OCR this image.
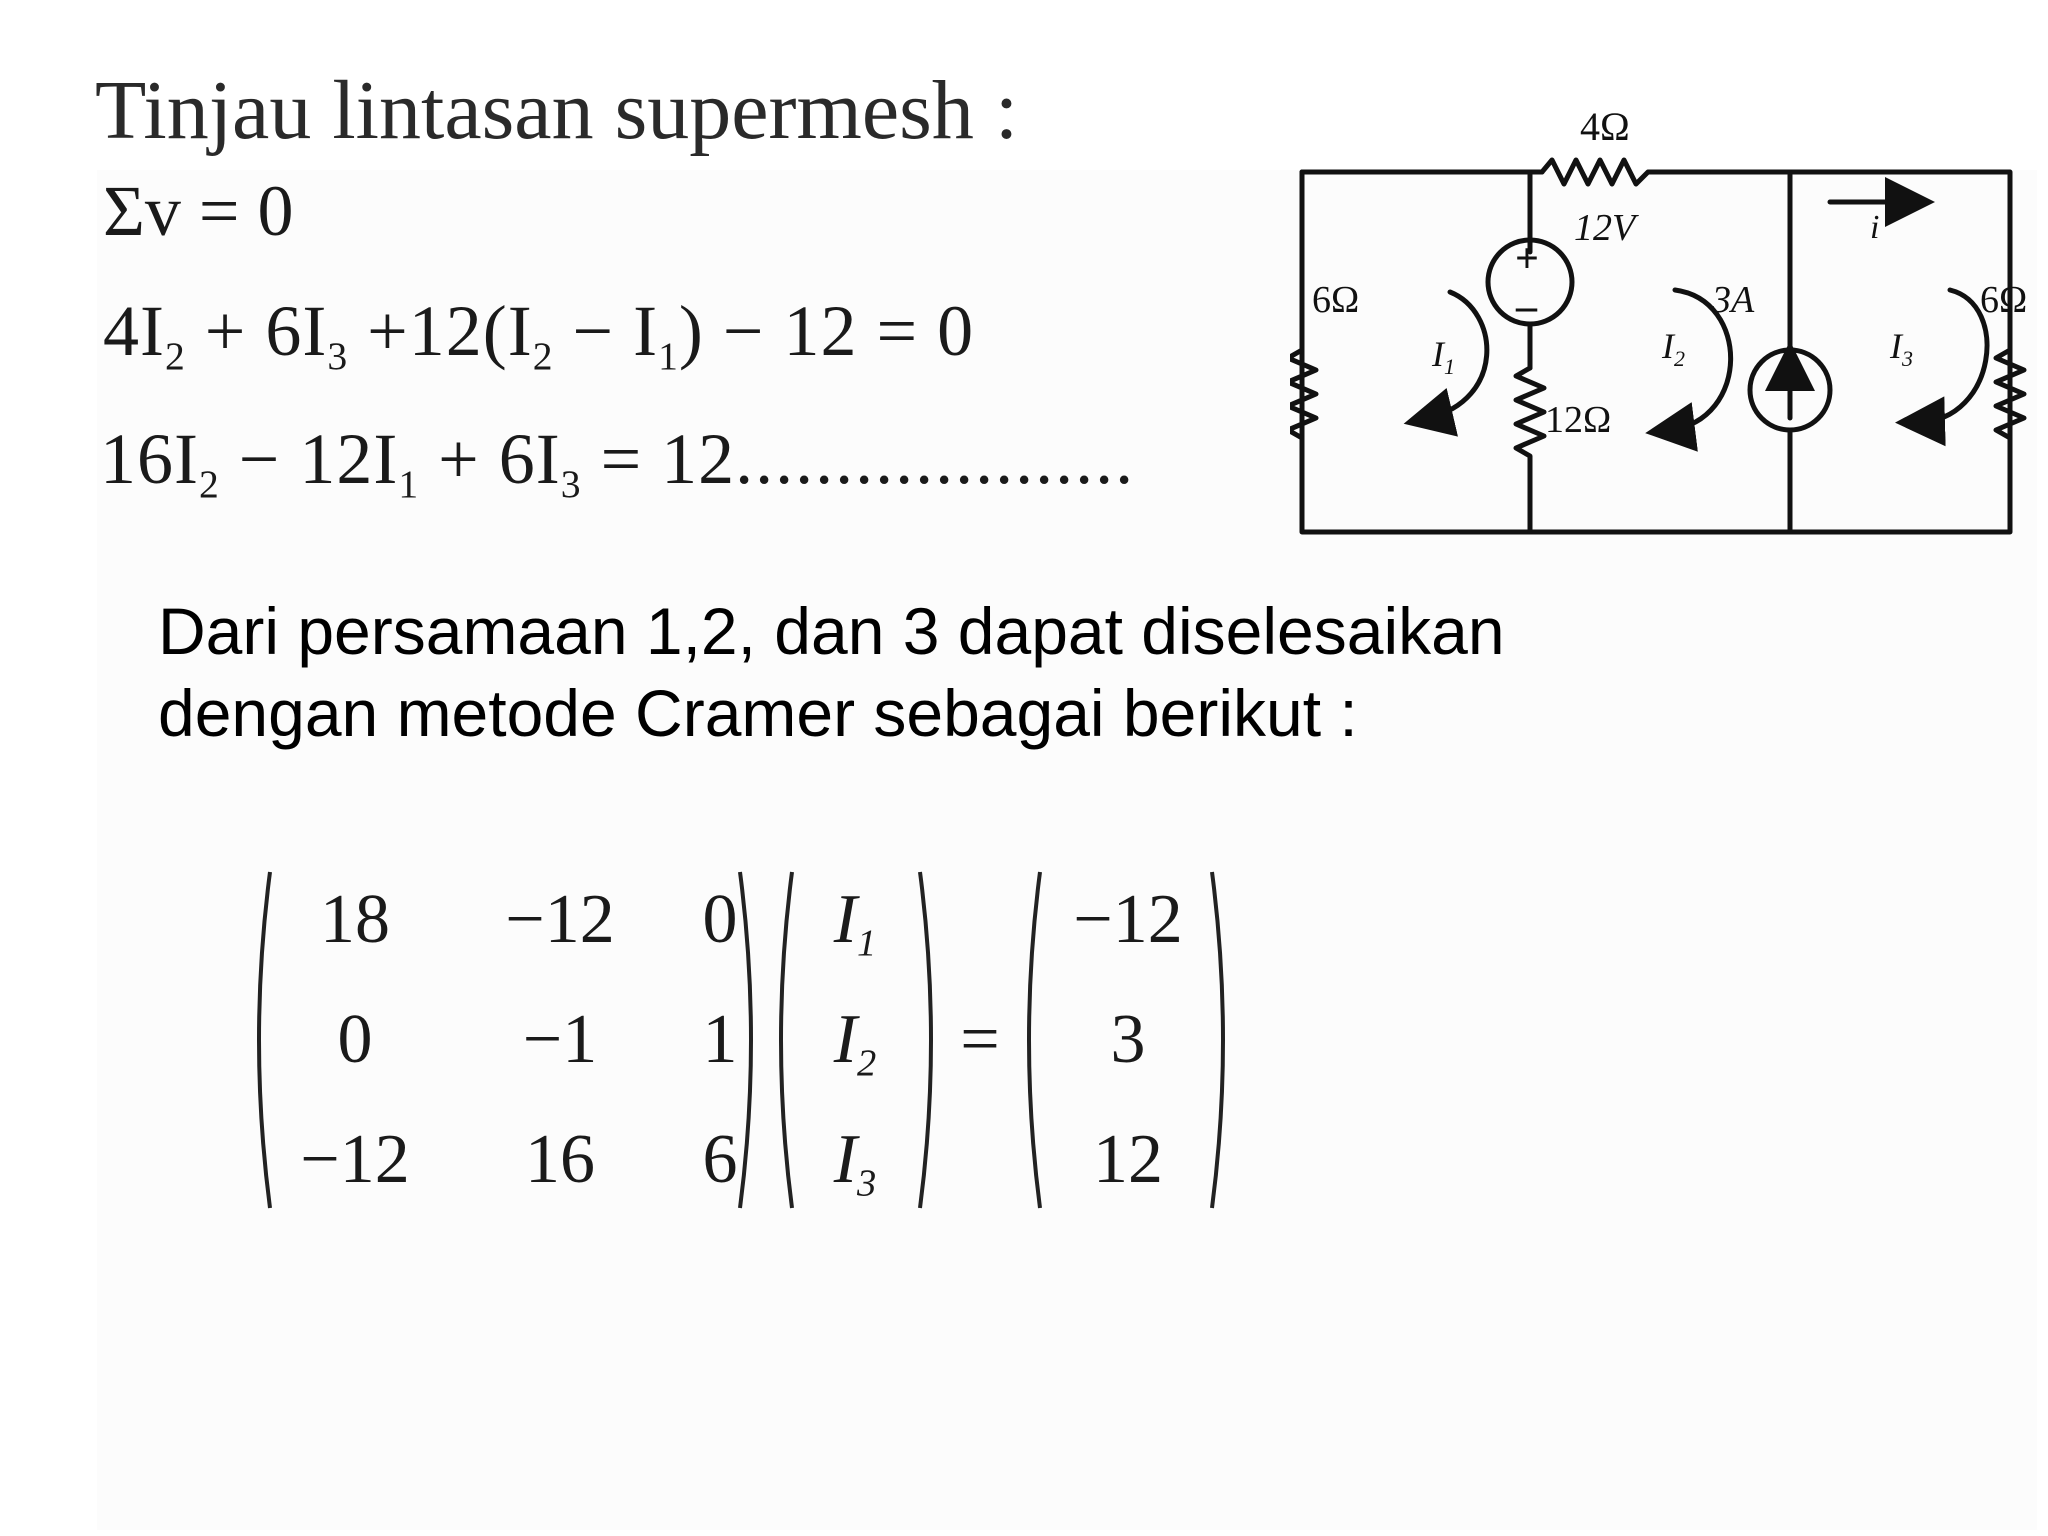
Tinjau lintasan supermesh :
Σv = 0
$4I_2 + 6I_3 +12(I_2 - I_1) - 12 = 0$
$16I_2 - 12I_1 + 6I_3 = 12$....................
Dari persamaan 1,2, dan 3 dapat diselesaikan
dengan metode Cramer sebagai berikut :
4Ω
6Ω	6Ω
12Ω
12V
3A
i
+
–
$I_1$
$I_2$	$I_3$
18	−12	0
0	−1	1
−12	16	6
$I_1$
$I_2$
$I_3$
=
−12
3
12
